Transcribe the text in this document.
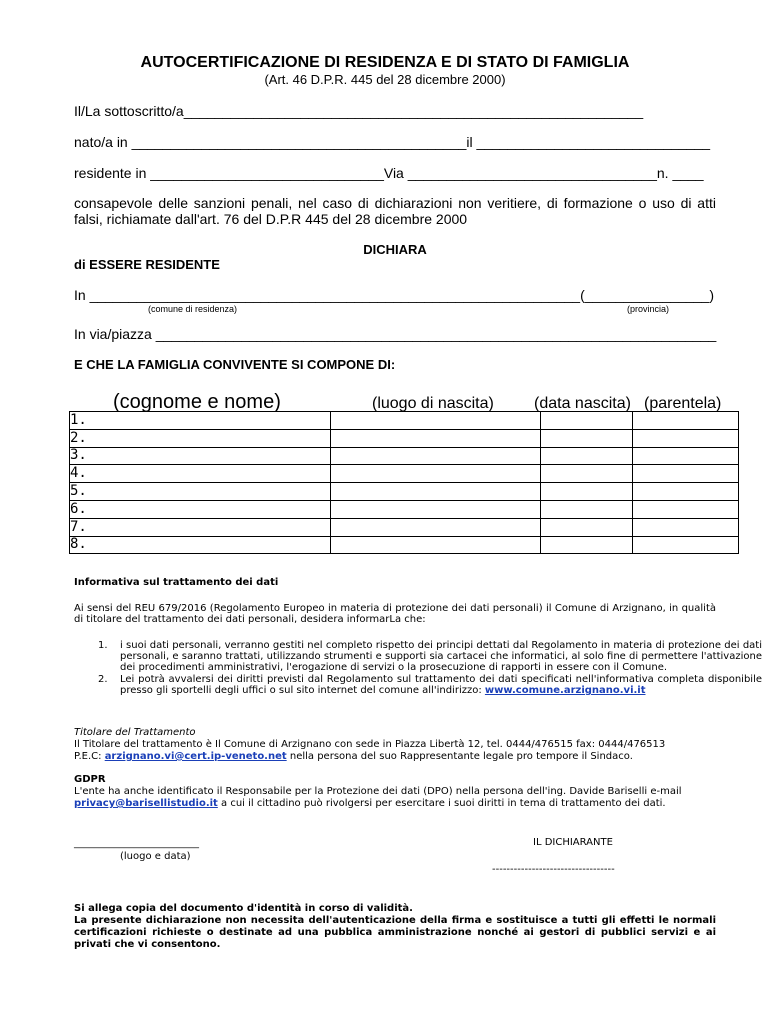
AUTOCERTIFICAZIONE DI RESIDENZA E DI STATO DI FAMIGLIA
(Art. 46 D.P.R. 445 del 28 dicembre 2000)
Il/La sottoscritto/a___________________________________________________________
nato/a in ___________________________________________il ______________________________
residente in ______________________________Via ________________________________n. ____
consapevole delle sanzioni penali, nel caso di dichiarazioni non veritiere, di formazione o uso di atti falsi, richiamate dall'art. 76 del D.P.R 445 del 28 dicembre 2000
DICHIARA
di ESSERE RESIDENTE
In _______________________________________________________________(________________)
(comune di residenza)	(provincia)
In via/piazza ________________________________________________________________________
E CHE LA FAMIGLIA CONVIVENTE SI COMPONE DI:
(cognome e nome)	(luogo di nascita)	(data nascita) (parentela)
1.			
2.			
3.			
4.			
5.			
6.			
7.			
8.			
Informativa sul trattamento dei dati
Ai sensi del REU 679/2016 (Regolamento Europeo in materia di protezione dei dati personali) il Comune di Arzignano, in qualità di titolare del trattamento dei dati personali, desidera informarLa che:
1. i suoi dati personali, verranno gestiti nel completo rispetto dei principi dettati dal Regolamento in materia di protezione dei dati personali, e saranno trattati, utilizzando strumenti e supporti sia cartacei che informatici, al solo fine di permettere l'attivazione dei procedimenti amministrativi, l'erogazione di servizi o la prosecuzione di rapporti in essere con il Comune.
2. Lei potrà avvalersi dei diritti previsti dal Regolamento sul trattamento dei dati specificati nell'informativa completa disponibile presso gli sportelli degli uffici o sul sito internet del comune all'indirizzo: www.comune.arzignano.vi.it
Titolare del Trattamento
Il Titolare del trattamento è Il Comune di Arzignano con sede in Piazza Libertà 12, tel. 0444/476515 fax: 0444/476513
P.E.C: arzignano.vi@cert.ip-veneto.net nella persona del suo Rappresentante legale pro tempore il Sindaco.
GDPR
L'ente ha anche identificato il Responsabile per la Protezione dei dati (DPO) nella persona dell'ing. Davide Bariselli e-mail
privacy@barisellistudio.it a cui il cittadino può rivolgersi per esercitare i suoi diritti in tema di trattamento dei dati.
_________________________
(luogo e data)
IL DICHIARANTE
----------------------------------
Si allega copia del documento d'identità in corso di validità.
La presente dichiarazione non necessita dell'autenticazione della firma e sostituisce a tutti gli effetti le normali certificazioni richieste o destinate ad una pubblica amministrazione nonché ai gestori di pubblici servizi e ai privati che vi consentono.
